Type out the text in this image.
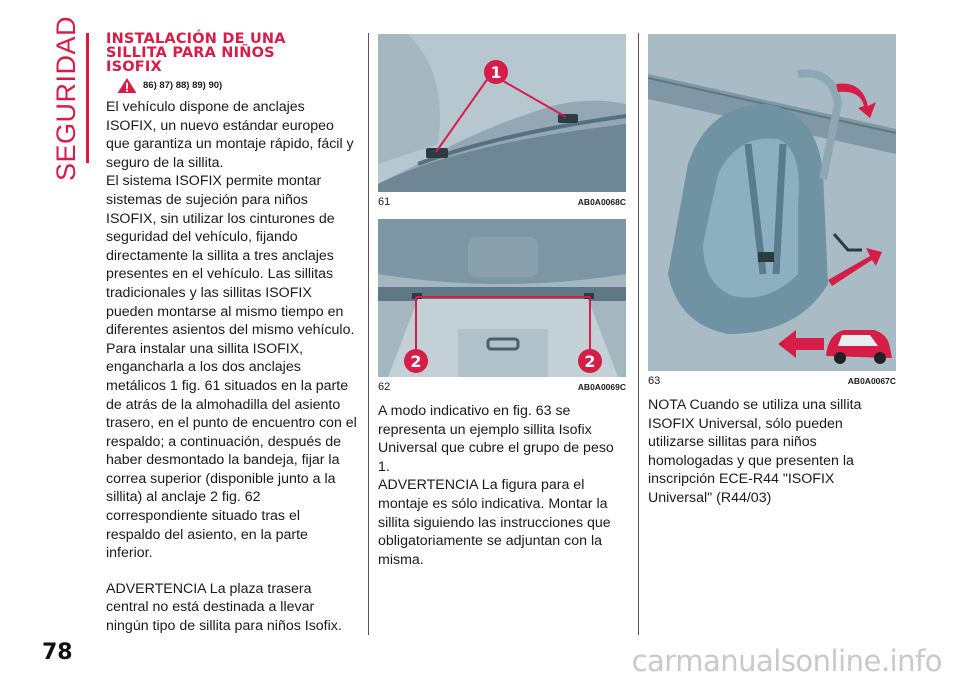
SEGURIDAD INSTALACIÓN DE UNA
SILLITA PARA NIÑOS
ISOFIX
86) 87) 88) 89) 90)

El vehículo dispone de anclajes ISOFIX, un nuevo estándar europeo que garantiza un montaje rápido, fácil y seguro de la sillita.

El sistema ISOFIX permite montar sistemas de sujeción para niños ISOFIX, sin utilizar los cinturones de seguridad del vehículo, fijando directamente la sillita a tres anclajes presentes en el vehículo. Las sillitas tradicionales y las sillitas ISOFIX pueden montarse al mismo tiempo en diferentes asientos del mismo vehículo.

Para instalar una sillita ISOFIX, engancharla a los dos anclajes metálicos 1 fig. 61 situados en la parte de atrás de la almohadilla del asiento trasero, en el punto de encuentro con el respaldo; a continuación, después de haber desmontado la bandeja, fijar la correa superior (disponible junto a la sillita) al anclaje 2 fig. 62 correspondiente situado tras el respaldo del asiento, en la parte inferior.

ADVERTENCIA La plaza trasera central no está destinada a llevar ningún tipo de sillita para niños Isofix.

1
61	AB0A0068C
2	2
62	AB0A0069C

A modo indicativo en fig. 63 se representa un ejemplo sillita Isofix Universal que cubre el grupo de peso 1.

ADVERTENCIA La figura para el montaje es sólo indicativa. Montar la sillita siguiendo las instrucciones que obligatoriamente se adjuntan con la misma.

63	AB0A0067C

NOTA Cuando se utiliza una sillita ISOFIX Universal, sólo pueden utilizarse sillitas para niños homologadas y que presenten la inscripción ECE-R44 "ISOFIX Universal" (R44/03)

78	carmanualsonline.info
